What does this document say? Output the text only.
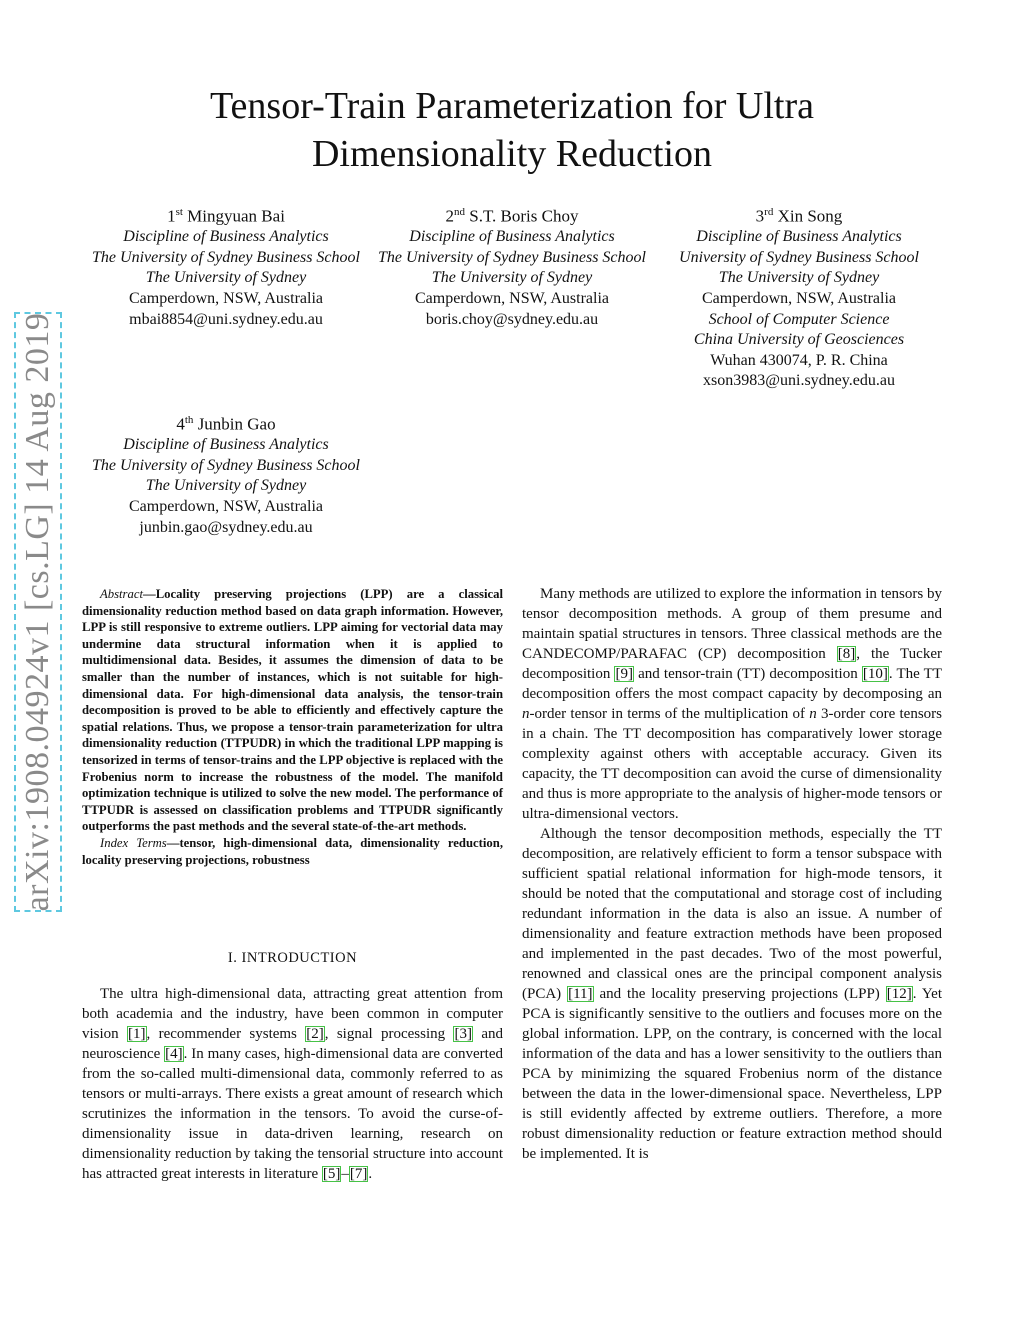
arXiv:1908.04924v1 [cs.LG] 14 Aug 2019
Tensor-Train Parameterization for Ultra
Dimensionality Reduction
1st Mingyuan Bai
Discipline of Business Analytics
The University of Sydney Business School
The University of Sydney
Camperdown, NSW, Australia
mbai8854@uni.sydney.edu.au
2nd S.T. Boris Choy
Discipline of Business Analytics
The University of Sydney Business School
The University of Sydney
Camperdown, NSW, Australia
boris.choy@sydney.edu.au
3rd Xin Song
Discipline of Business Analytics
University of Sydney Business School
The University of Sydney
Camperdown, NSW, Australia
School of Computer Science
China University of Geosciences
Wuhan 430074, P. R. China
xson3983@uni.sydney.edu.au
4th Junbin Gao
Discipline of Business Analytics
The University of Sydney Business School
The University of Sydney
Camperdown, NSW, Australia
junbin.gao@sydney.edu.au
Abstract—Locality preserving projections (LPP) are a classical dimensionality reduction method based on data graph information. However, LPP is still responsive to extreme outliers. LPP aiming for vectorial data may undermine data structural information when it is applied to multidimensional data. Besides, it assumes the dimension of data to be smaller than the number of instances, which is not suitable for high-dimensional data. For high-dimensional data analysis, the tensor-train decomposition is proved to be able to efficiently and effectively capture the spatial relations. Thus, we propose a tensor-train parameterization for ultra dimensionality reduction (TTPUDR) in which the traditional LPP mapping is tensorized in terms of tensor-trains and the LPP objective is replaced with the Frobenius norm to increase the robustness of the model. The manifold optimization technique is utilized to solve the new model. The performance of TTPUDR is assessed on classification problems and TTPUDR significantly outperforms the past methods and the several state-of-the-art methods.
Index Terms—tensor, high-dimensional data, dimensionality reduction, locality preserving projections, robustness
I. INTRODUCTION

The ultra high-dimensional data, attracting great attention from both academia and the industry, have been common in computer vision [1], recommender systems [2], signal processing [3] and neuroscience [4]. In many cases, high-dimensional data are converted from the so-called multi-dimensional data, commonly referred to as tensors or multi-arrays. There exists a great amount of research which scrutinizes the information in the tensors. To avoid the curse-of-dimensionality issue in data-driven learning, research on dimensionality reduction by taking the tensorial structure into account has attracted great interests in literature [5]–[7].

Many methods are utilized to explore the information in tensors by tensor decomposition methods. A group of them presume and maintain spatial structures in tensors. Three classical methods are the CANDECOMP/PARAFAC (CP) decomposition [8], the Tucker decomposition [9] and tensor-train (TT) decomposition [10]. The TT decomposition offers the most compact capacity by decomposing an n-order tensor in terms of the multiplication of n 3-order core tensors in a chain. The TT decomposition has comparatively lower storage complexity against others with acceptable accuracy. Given its capacity, the TT decomposition can avoid the curse of dimensionality and thus is more appropriate to the analysis of higher-mode tensors or ultra-dimensional vectors.

Although the tensor decomposition methods, especially the TT decomposition, are relatively efficient to form a tensor subspace with sufficient spatial relational information for high-mode tensors, it should be noted that the computational and storage cost of including redundant information in the data is also an issue. A number of dimensionality and feature extraction methods have been proposed and implemented in the past decades. Two of the most powerful, renowned and classical ones are the principal component analysis (PCA) [11] and the locality preserving projections (LPP) [12]. Yet PCA is significantly sensitive to the outliers and focuses more on the global information. LPP, on the contrary, is concerned with the local information of the data and has a lower sensitivity to the outliers than PCA by minimizing the squared Frobenius norm of the distance between the data in the lower-dimensional space. Nevertheless, LPP is still evidently affected by extreme outliers. Therefore, a more robust dimensionality reduction or feature extraction method should be implemented. It is
